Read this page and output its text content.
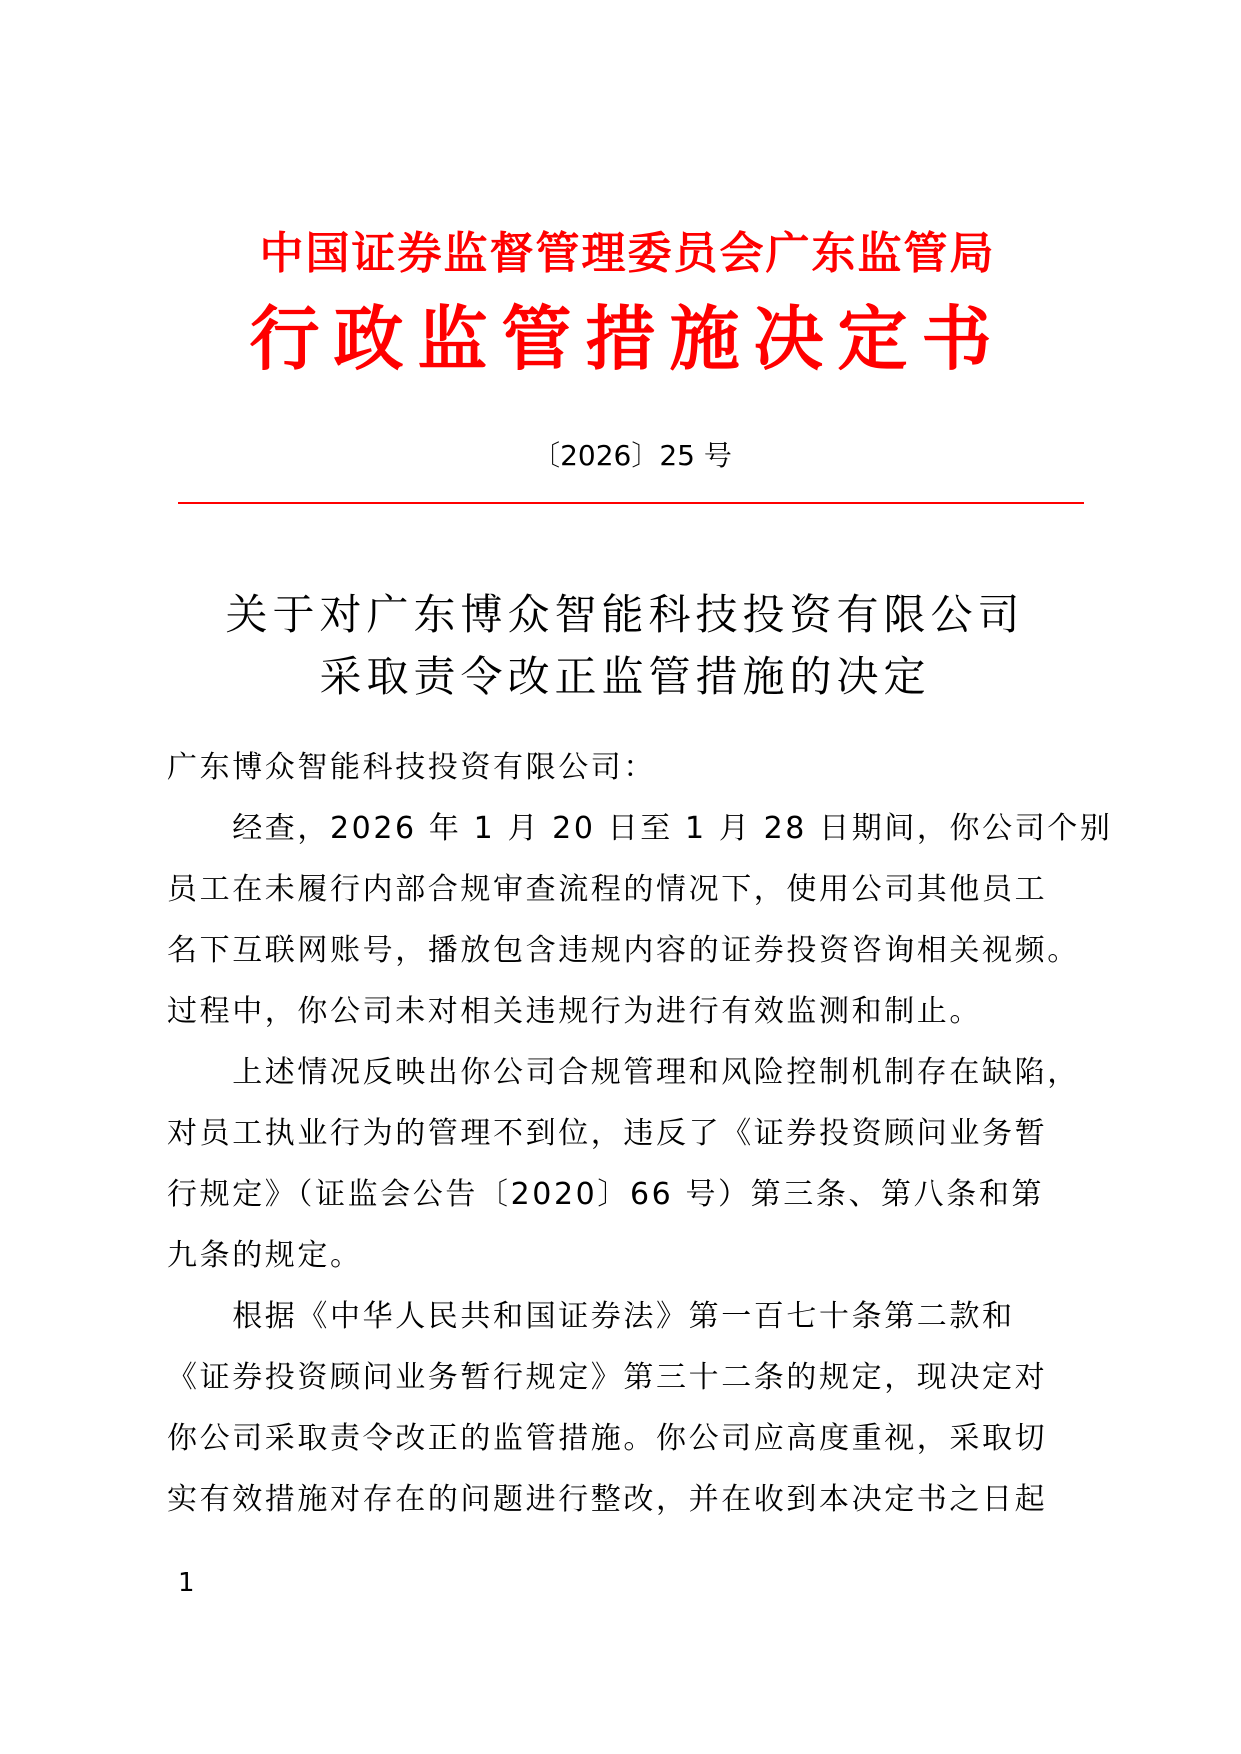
中国证券监督管理委员会广东监管局
行政监管措施决定书
〔2026〕25 号
关于对广东博众智能科技投资有限公司
采取责令改正监管措施的决定
广东博众智能科技投资有限公司：
　　经查，2026 年 1 月 20 日至 1 月 28 日期间，你公司个别
员工在未履行内部合规审查流程的情况下，使用公司其他员工
名下互联网账号，播放包含违规内容的证券投资咨询相关视频。
过程中，你公司未对相关违规行为进行有效监测和制止。
　　上述情况反映出你公司合规管理和风险控制机制存在缺陷，
对员工执业行为的管理不到位，违反了《证券投资顾问业务暂
行规定》（证监会公告〔2020〕66 号）第三条、第八条和第
九条的规定。
　　根据《中华人民共和国证券法》第一百七十条第二款和
《证券投资顾问业务暂行规定》第三十二条的规定，现决定对
你公司采取责令改正的监管措施。你公司应高度重视，采取切
实有效措施对存在的问题进行整改，并在收到本决定书之日起
1
